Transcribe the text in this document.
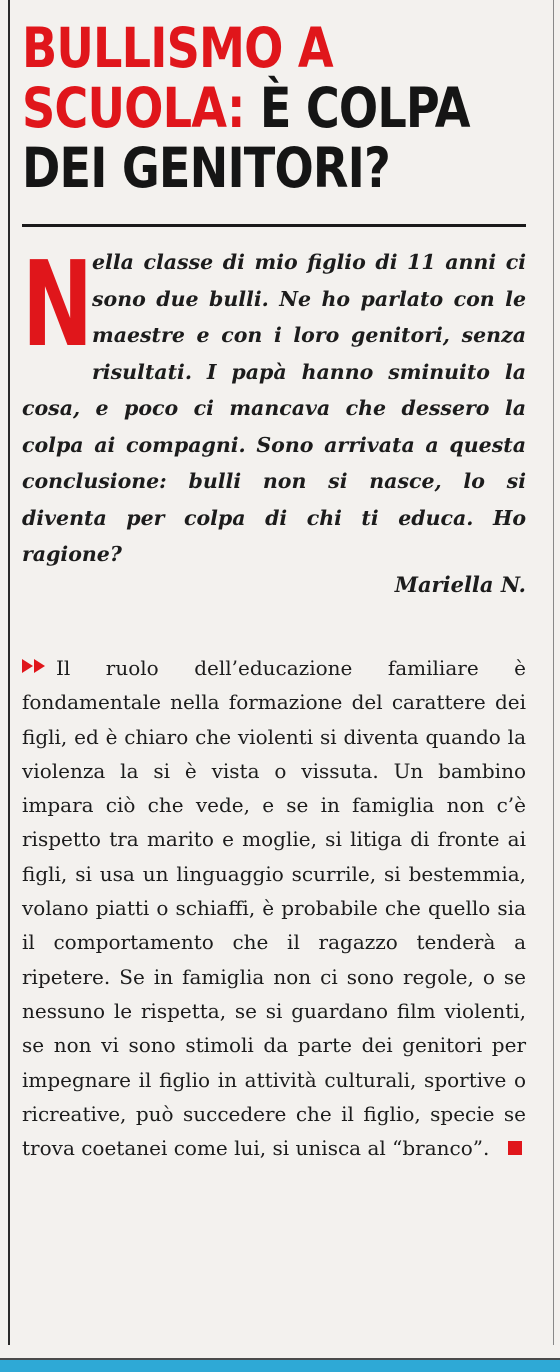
BULLISMO A
SCUOLA: È COLPA
DEI GENITORI?

N
ella classe di mio figlio di 11 anni ci sono due bulli. Ne ho parlato con le maestre e con i loro genitori, senza risultati. I papà hanno sminuito la cosa, e poco ci mancava che dessero la colpa ai compagni. Sono arrivata a questa conclusione: bulli non si nasce, lo si diventa per colpa di chi ti educa. Ho ragione?

Mariella N.

Il ruolo dell’educazione familiare è fondamentale nella formazione del carattere dei figli, ed è chiaro che violenti si diventa quando la violenza la si è vista o vissuta. Un bambino impara ciò che vede, e se in famiglia non c’è rispetto tra marito e moglie, si litiga di fronte ai figli, si usa un linguaggio scurrile, si bestemmia, volano piatti o schiaffi, è probabile che quello sia il comportamento che il ragazzo tenderà a ripetere. Se in famiglia non ci sono regole, o se nessuno le rispetta, se si guardano film violenti, se non vi sono stimoli da parte dei genitori per impegnare il figlio in attività culturali, sportive o ricreative, può succedere che il figlio, specie se trova coetanei come lui, si unisca al “branco”.
